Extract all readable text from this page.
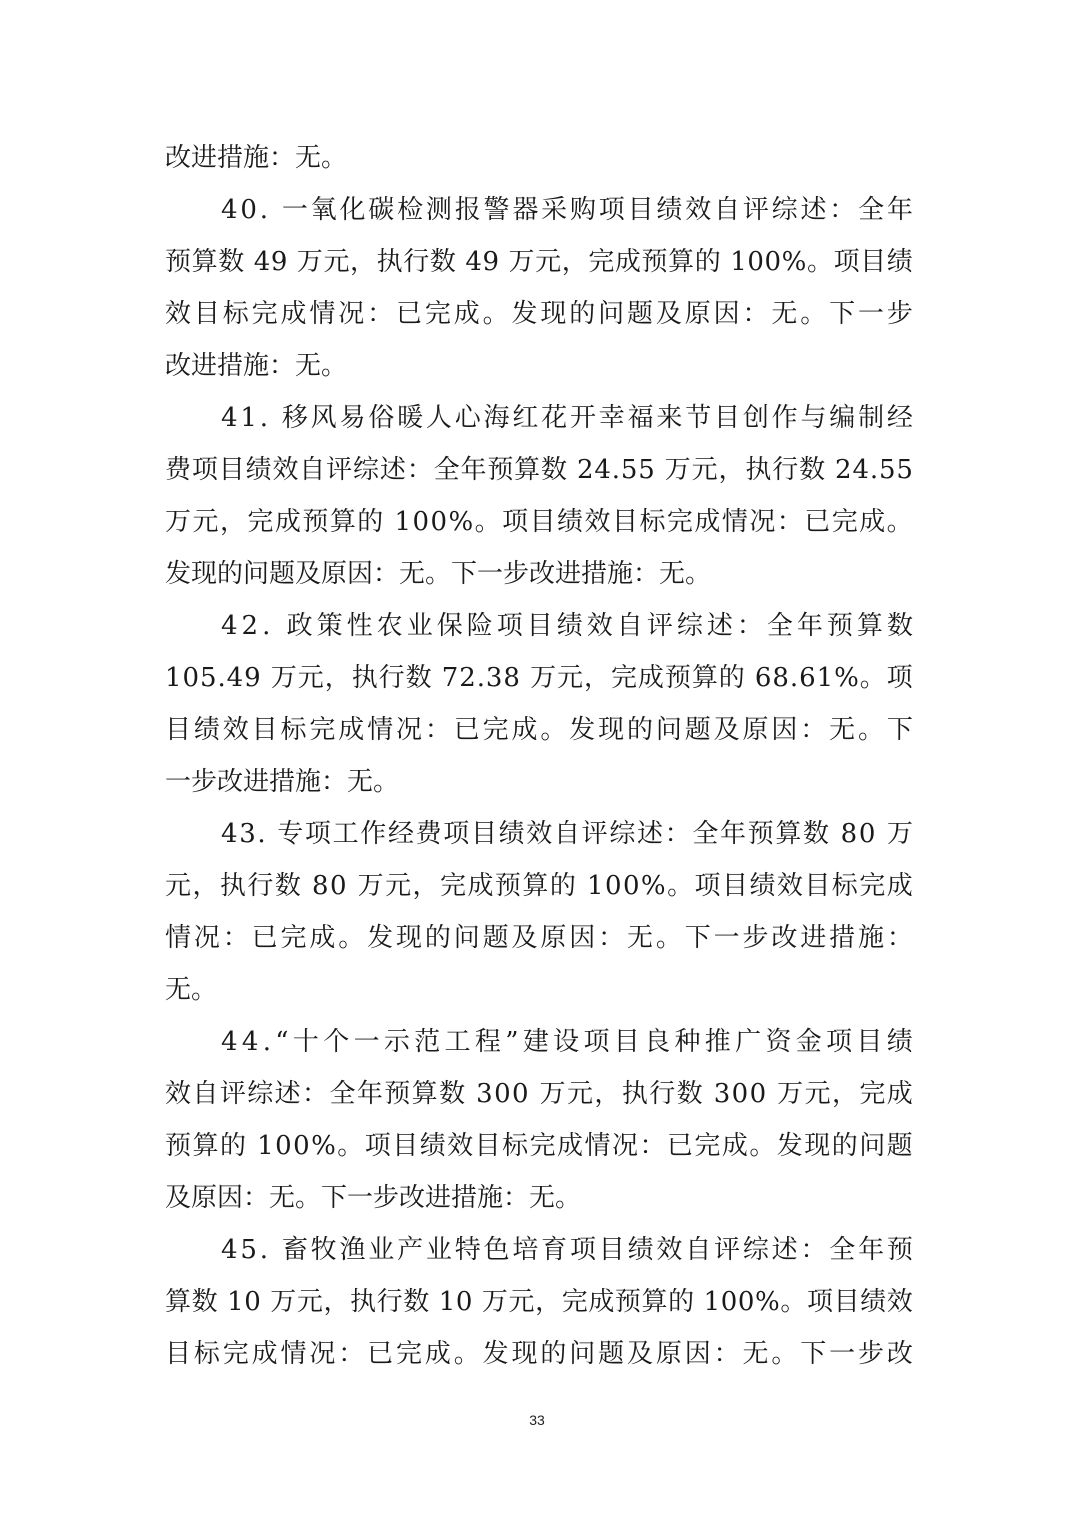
改进措施：无。
4 0 .
一 氧 化 碳 检 测 报 警 器 采 购 项 目 绩 效 自 评 综 述 ： 全 年
预 算 数
4 9
万 元 ， 执 行 数
4 9
万 元 ， 完 成 预 算 的
1 0 0 % 。 项 目 绩
效 目 标 完 成 情 况 ： 已 完 成 。 发 现 的 问 题 及 原 因 ： 无 。 下 一 步
改进措施：无。
4 1 .
移 风 易 俗 暖 人 心 海 红 花 开 幸 福 来 节 目 创 作 与 编 制 经
费 项 目 绩 效 自 评 综 述 ： 全 年 预 算 数
2 4 . 5 5
万 元 ， 执 行 数
2 4 . 5 5
万 元 ， 完 成 预 算 的
1 0 0 % 。 项 目 绩 效 目 标 完 成 情 况 ： 已 完 成 。
发现的问题及原因：无。下一步改进措施：无。
4 2 .
政 策 性 农 业 保 险 项 目 绩 效 自 评 综 述 ： 全 年 预 算 数
1 0 5 . 4 9
万 元 ， 执 行 数
7 2 . 3 8
万 元 ， 完 成 预 算 的
6 8 . 6 1 % 。 项
目 绩 效 目 标 完 成 情 况 ： 已 完 成 。 发 现 的 问 题 及 原 因 ： 无 。 下
一步改进措施：无。
4 3 .
专 项 工 作 经 费 项 目 绩 效 自 评 综 述 ： 全 年 预 算 数
8 0
万
元 ， 执 行 数
8 0
万 元 ， 完 成 预 算 的
1 0 0 % 。 项 目 绩 效 目 标 完 成
情 况 ： 已 完 成 。 发 现 的 问 题 及 原 因 ： 无 。 下 一 步 改 进 措 施 ：
无。
4 4 . “ 十 个 一 示 范 工 程 ” 建 设 项 目 良 种 推 广 资 金 项 目 绩
效 自 评 综 述 ： 全 年 预 算 数
3 0 0
万 元 ， 执 行 数
3 0 0
万 元 ， 完 成
预 算 的
1 0 0 % 。 项 目 绩 效 目 标 完 成 情 况 ： 已 完 成 。 发 现 的 问 题
及原因：无。下一步改进措施：无。
4 5 .
畜 牧 渔 业 产 业 特 色 培 育 项 目 绩 效 自 评 综 述 ： 全 年 预
算 数
1 0
万 元 ， 执 行 数
1 0
万 元 ， 完 成 预 算 的
1 0 0 % 。 项 目 绩 效
目 标 完 成 情 况 ： 已 完 成 。 发 现 的 问 题 及 原 因 ： 无 。 下 一 步 改
33
